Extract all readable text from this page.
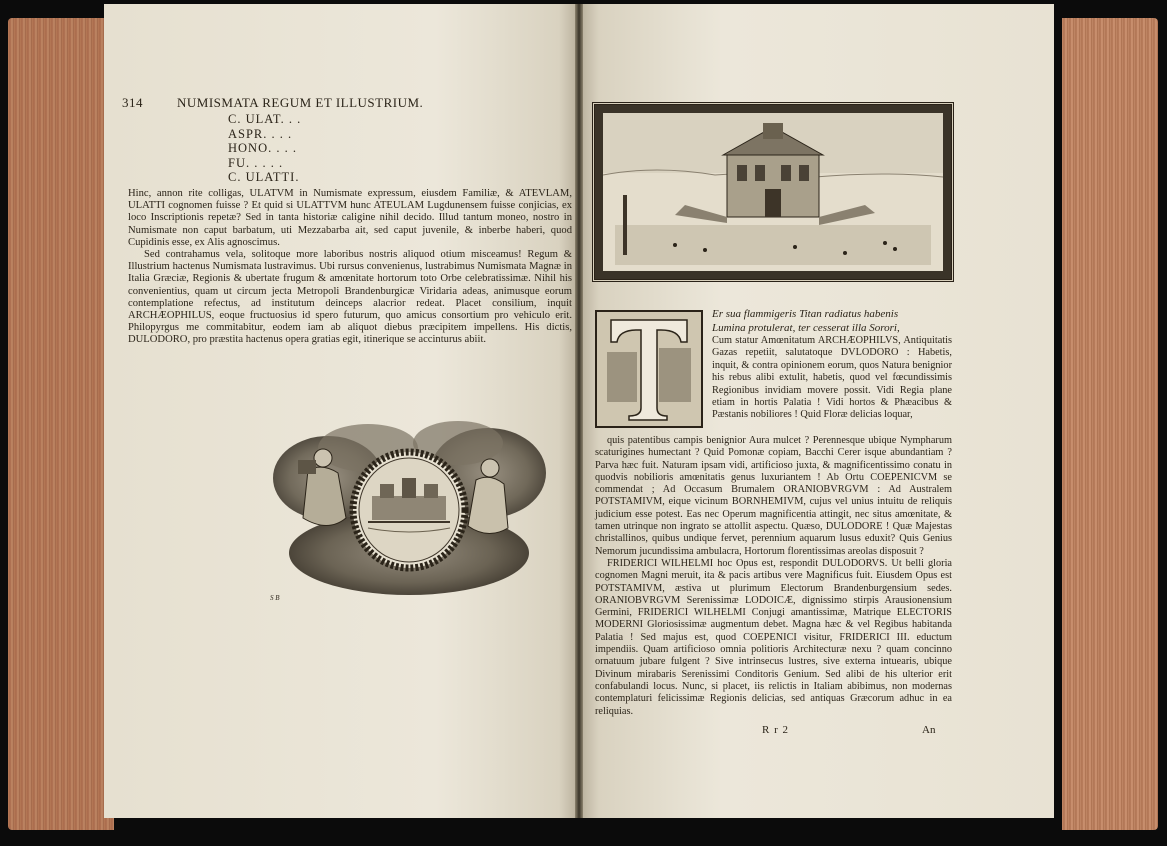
314	NUMISMATA REGUM ET ILLUSTRIUM.
C. ULAT. . .
ASPR. . . .
HONO. . . .
FU. . . . .
C. ULATTI.

Hinc, annon rite colligas, ULATVM in Numismate expressum, eiusdem Familiæ, & ATEVLAM, ULATTI cognomen fuisse ? Et quid si ULATTVM hunc ATEULAM Lugdunensem fuisse conjicias, ex loco Inscriptionis repetæ? Sed in tanta historiæ caligine nihil decido. Illud tantum moneo, nostro in Numismate non caput barbatum, uti Mezzabarba ait, sed caput juvenile, & inberbe haberi, quod Cupidinis esse, ex Alis agnoscimus.

Sed contrahamus vela, solitoque more laboribus nostris aliquod otium misceamus! Regum & Illustrium hactenus Numismata lustravimus. Ubi rursus convenienus, lustrabimus Numismata Magnæ in Italia Græciæ, Regionis & ubertate frugum & amœnitate hortorum toto Orbe celebratissimæ. Nihil his convenientius, quam ut circum jecta Metropoli Brandenburgicæ Viridaria adeas, animusque eorum contemplatione refectus, ad institutum deinceps alacrior redeat. Placet consilium, inquit ARCHÆOPHILUS, eoque fructuosius id spero futurum, quo amicus consortium pro vehiculo erit. Philopyrgus me commitabitur, eodem iam ab aliquot diebus præcipitem impellens. His dictis, DULODORO, pro præstita hactenus opera gratias egit, itinerique se accinturus abiit.

S B
Er sua flammigeris Titan radiatus habenis
Lumina protulerat, ter cesserat illa Sorori,

Cum statur Amœnitatum ARCHÆOPHILVS, Antiquitatis Gazas repetiit, salutatoque DVLODORO : Habetis, inquit, & contra opinionem eorum, quos Natura benignior his rebus alibi extulit, habetis, quod vel fœcundissimis Regionibus invidiam movere possit. Vidi Regia plane etiam in hortis Palatia ! Vidi hortos & Phæacibus & Pæstanis nobiliores ! Quid Floræ delicias loquar,

quis patentibus campis benignior Aura mulcet ? Perennesque ubique Nympharum scaturigines humectant ? Quid Pomonæ copiam, Bacchi Cerer isque abundantiam ? Parva hæc fuit. Naturam ipsam vidi, artificioso juxta, & magnificentissimo conatu in quodvis nobilioris amœnitatis genus luxuriantem ! Ab Ortu COEPENICVM se commendat ; Ad Occasum Brumalem ORANIOBVRGVM : Ad Australem POTSTAMIVM, eique vicinum BORNHEMIVM, cujus vel unius intuitu de reliquis judicium esse potest. Eas nec Operum magnificentia attingit, nec situs amœnitate, & tamen utrinque non ingrato se attollit aspectu. Quæso, DULODORE ! Quæ Majestas christallinos, quibus undique fervet, perennium aquarum lusus eduxit? Quis Genius Nemorum jucundissima ambulacra, Hortorum florentissimas areolas disposuit ?

FRIDERICI WILHELMI hoc Opus est, respondit DULODORVS. Ut belli gloria cognomen Magni meruit, ita & pacis artibus vere Magnificus fuit. Eiusdem Opus est POTSTAMIVM, æstiva ut plurimum Electorum Brandenburgensium sedes. ORANIOBVRGVM Serenissimæ LODOICÆ, dignissimo stirpis Arausionensium Germini, FRIDERICI WILHELMI Conjugi amantissimæ, Matrique ELECTORIS MODERNI Gloriosissimæ augmentum debet. Magna hæc & vel Regibus habitanda Palatia ! Sed majus est, quod COEPENICI visitur, FRIDERICI III. eductum impendiis. Quam artificioso omnia politioris Architecturæ nexu ? quam concinno ornatuum jubare fulgent ? Sive intrinsecus lustres, sive externa intuearis, ubique Divinum mirabaris Serenissimi Conditoris Genium. Sed alibi de his ulterior erit confabulandi locus. Nunc, si placet, iis relictis in Italiam abibimus, non modernas contemplaturi felicissimæ Regionis delicias, sed antiquas Græcorum adhuc in ea reliquias.

R r 2	An
